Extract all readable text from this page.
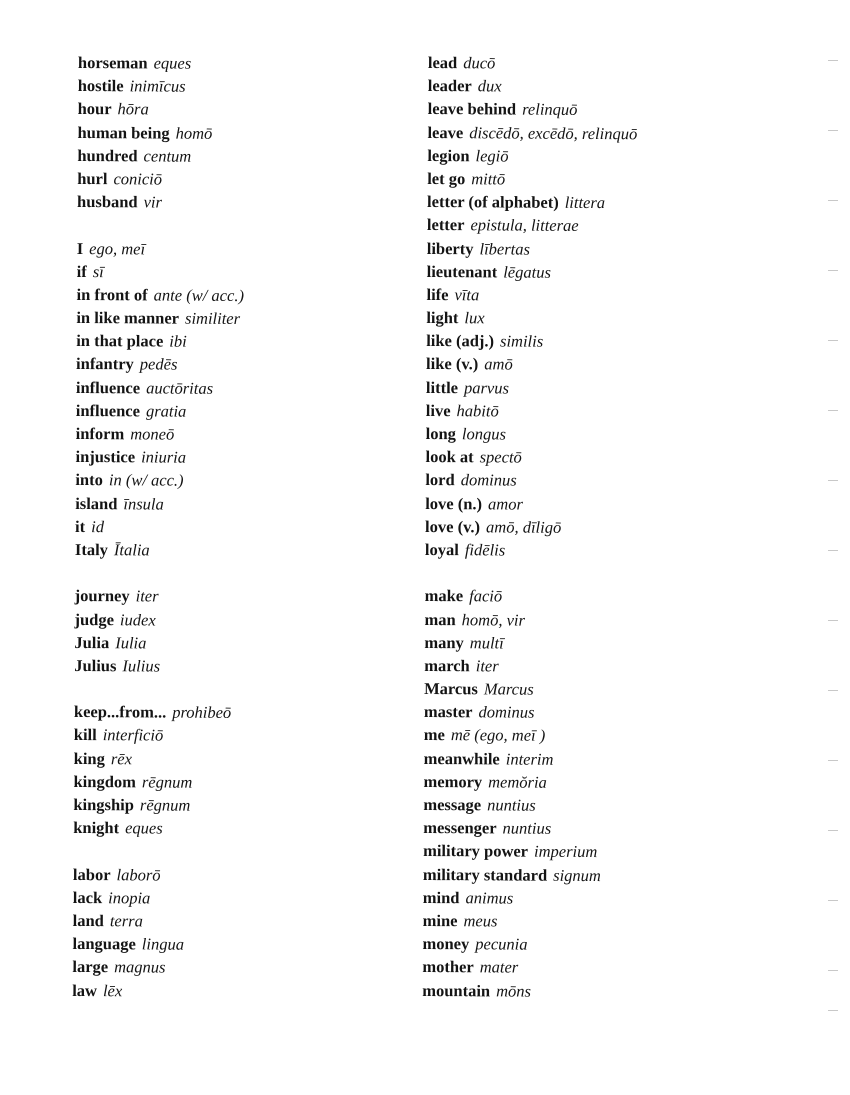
horseman eques
hostile inimīcus
hour hōra
human being homō
hundred centum
hurl coniciō
husband vir
I ego, meī
if sī
in front of ante (w/ acc.)
in like manner similiter
in that place ibi
infantry pedēs
influence auctōritas
influence gratia
inform moneō
injustice iniuria
into in (w/ acc.)
island īnsula
it id
Italy Ītalia
journey iter
judge iudex
Julia Iulia
Julius Iulius
keep...from... prohibeō
kill interficiō
king rēx
kingdom rēgnum
kingship rēgnum
knight eques
labor laborō
lack inopia
land terra
language lingua
large magnus
law lēx
lead ducō
leader dux
leave behind relinquō
leave discēdō, excēdō, relinquō
legion legiō
let go mittō
letter (of alphabet) littera
letter epistula, litterae
liberty lībertas
lieutenant lēgatus
life vīta
light lux
like (adj.) similis
like (v.) amō
little parvus
live habitō
long longus
look at spectō
lord dominus
love (n.) amor
love (v.) amō, dīligō
loyal fidēlis
make faciō
man homō, vir
many multī
march iter
Marcus Marcus
master dominus
me mē (ego, meī )
meanwhile interim
memory memŏria
message nuntius
messenger nuntius
military power imperium
military standard signum
mind animus
mine meus
money pecunia
mother mater
mountain mōns
